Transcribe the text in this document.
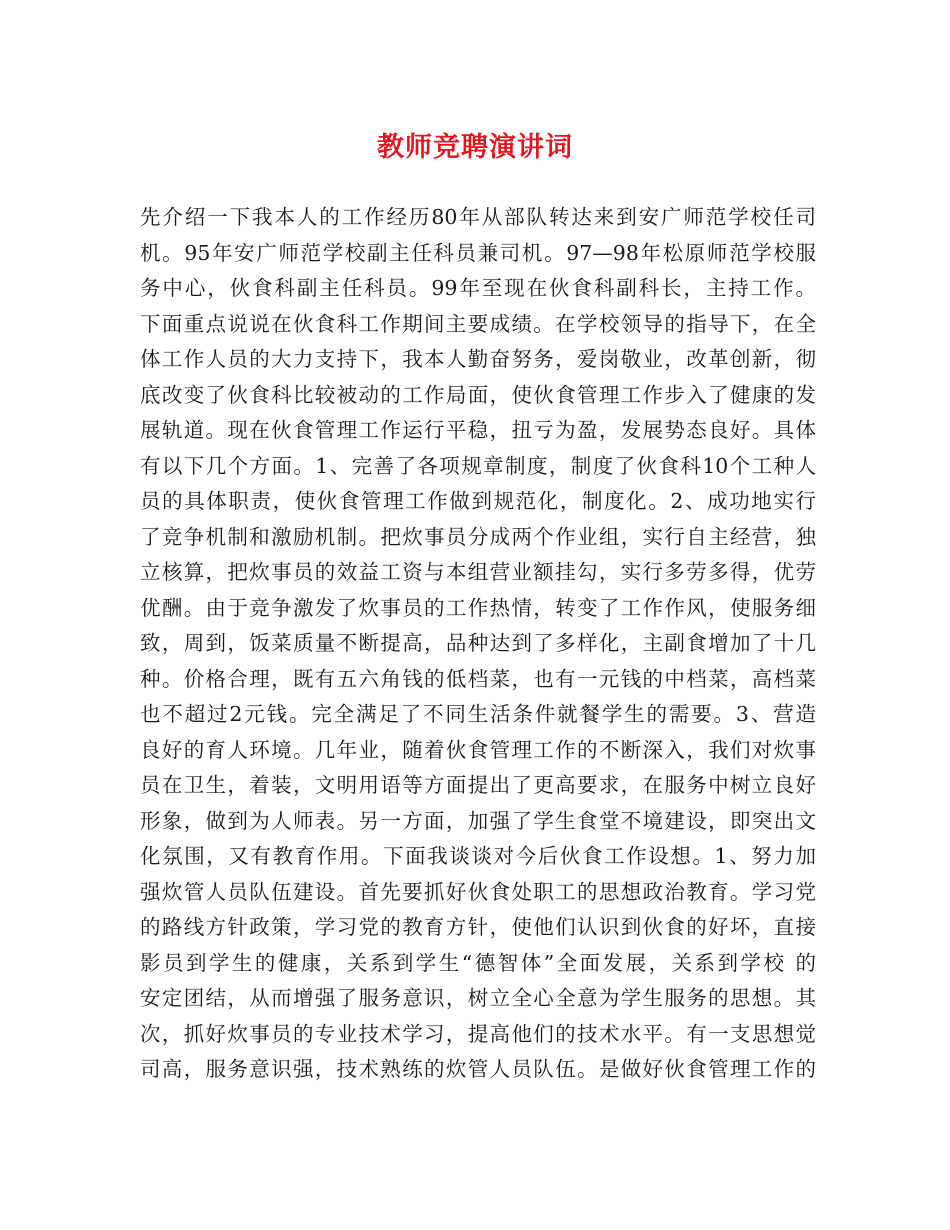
教师竞聘演讲词
先介绍一下我本人的工作经历80年从部队转达来到安广师范学校任司
机。95年安广师范学校副主任科员兼司机。97—98年松原师范学校服
务中心，伙食科副主任科员。99年至现在伙食科副科长，主持工作。
下面重点说说在伙食科工作期间主要成绩。在学校领导的指导下，在全
体工作人员的大力支持下，我本人勤奋努务，爱岗敬业，改革创新，彻
底改变了伙食科比较被动的工作局面，使伙食管理工作步入了健康的发
展轨道。现在伙食管理工作运行平稳，扭亏为盈，发展势态良好。具体
有以下几个方面。1、完善了各项规章制度，制度了伙食科10个工种人
员的具体职责，使伙食管理工作做到规范化，制度化。2、成功地实行
了竞争机制和激励机制。把炊事员分成两个作业组，实行自主经营，独
立核算，把炊事员的效益工资与本组营业额挂勾，实行多劳多得，优劳
优酬。由于竞争激发了炊事员的工作热情，转变了工作作风，使服务细
致，周到，饭菜质量不断提高，品种达到了多样化，主副食增加了十几
种。价格合理，既有五六角钱的低档菜，也有一元钱的中档菜，高档菜
也不超过2元钱。完全满足了不同生活条件就餐学生的需要。3、营造
良好的育人环境。几年业，随着伙食管理工作的不断深入，我们对炊事
员在卫生，着装，文明用语等方面提出了更高要求，在服务中树立良好
形象，做到为人师表。另一方面，加强了学生食堂不境建设，即突出文
化氛围，又有教育作用。下面我谈谈对今后伙食工作设想。1、努力加
强炊管人员队伍建设。首先要抓好伙食处职工的思想政治教育。学习党
的路线方针政策，学习党的教育方针，使他们认识到伙食的好坏，直接
影员到学生的健康，关系到学生“德智体”全面发展，关系到学校 的
安定团结，从而增强了服务意识，树立全心全意为学生服务的思想。其
次，抓好炊事员的专业技术学习，提高他们的技术水平。有一支思想觉
司高，服务意识强，技术熟练的炊管人员队伍。是做好伙食管理工作的
